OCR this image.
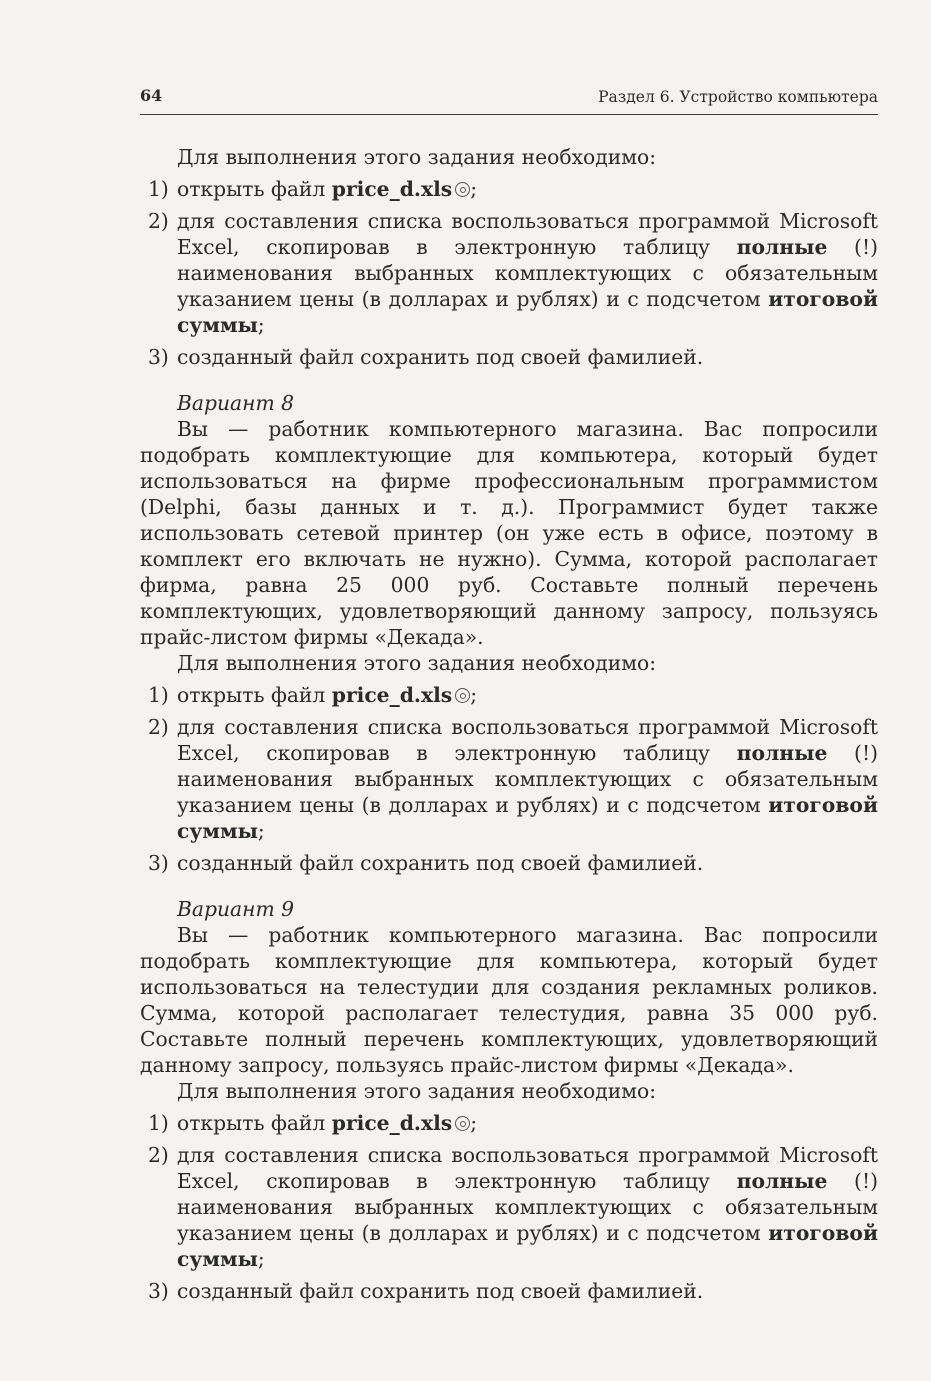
64	Раздел 6. Устройство компьютера

Для выполнения этого задания необходимо:

1) открыть файл price_d.xls ;
2) для составления списка воспользоваться программой Microsoft Excel, скопировав в электронную таблицу полные (!) наименования выбранных комплектующих с обязательным указанием цены (в долларах и рублях) и с подсчетом итоговой суммы;
3) созданный файл сохранить под своей фамилией.
Вариант 8

Вы — работник компьютерного магазина. Вас попросили подобрать комплектующие для компьютера, который будет использоваться на фирме профессиональным программистом (Delphi, базы данных и т. д.). Программист будет также использовать сетевой принтер (он уже есть в офисе, поэтому в комплект его включать не нужно). Сумма, которой располагает фирма, равна 25 000 руб. Составьте полный перечень комплектующих, удовлетворяющий данному запросу, пользуясь прайс-листом фирмы «Декада».

Для выполнения этого задания необходимо:

1) открыть файл price_d.xls ;
2) для составления списка воспользоваться программой Microsoft Excel, скопировав в электронную таблицу полные (!) наименования выбранных комплектующих с обязательным указанием цены (в долларах и рублях) и с подсчетом итоговой суммы;
3) созданный файл сохранить под своей фамилией.
Вариант 9

Вы — работник компьютерного магазина. Вас попросили подобрать комплектующие для компьютера, который будет использоваться на телестудии для создания рекламных роликов. Сумма, которой располагает телестудия, равна 35 000 руб. Составьте полный перечень комплектующих, удовлетворяющий данному запросу, пользуясь прайс-листом фирмы «Декада».

Для выполнения этого задания необходимо:

1) открыть файл price_d.xls ;
2) для составления списка воспользоваться программой Microsoft Excel, скопировав в электронную таблицу полные (!) наименования выбранных комплектующих с обязательным указанием цены (в долларах и рублях) и с подсчетом итоговой суммы;
3) созданный файл сохранить под своей фамилией.
